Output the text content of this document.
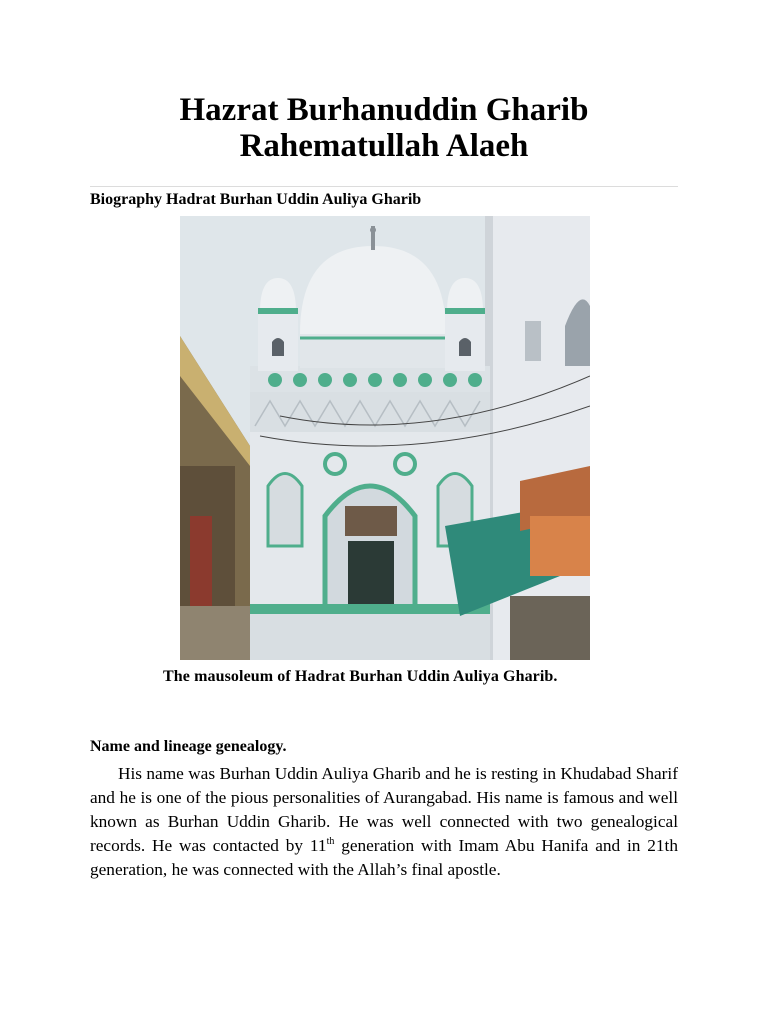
Hazrat Burhanuddin Gharib
Rahematullah Alaeh
Biography Hadrat Burhan Uddin Auliya Gharib
The mausoleum of Hadrat Burhan Uddin Auliya Gharib.
Name and lineage genealogy.
His name was Burhan Uddin Auliya Gharib and he is resting in Khudabad Sharif and he is one of the pious personalities of Aurangabad. His name is famous and well known as Burhan Uddin Gharib. He was well connected with two genealogical records. He was contacted by 11th generation with Imam Abu Hanifa and in 21th generation, he was connected with the Allah’s final apostle.
